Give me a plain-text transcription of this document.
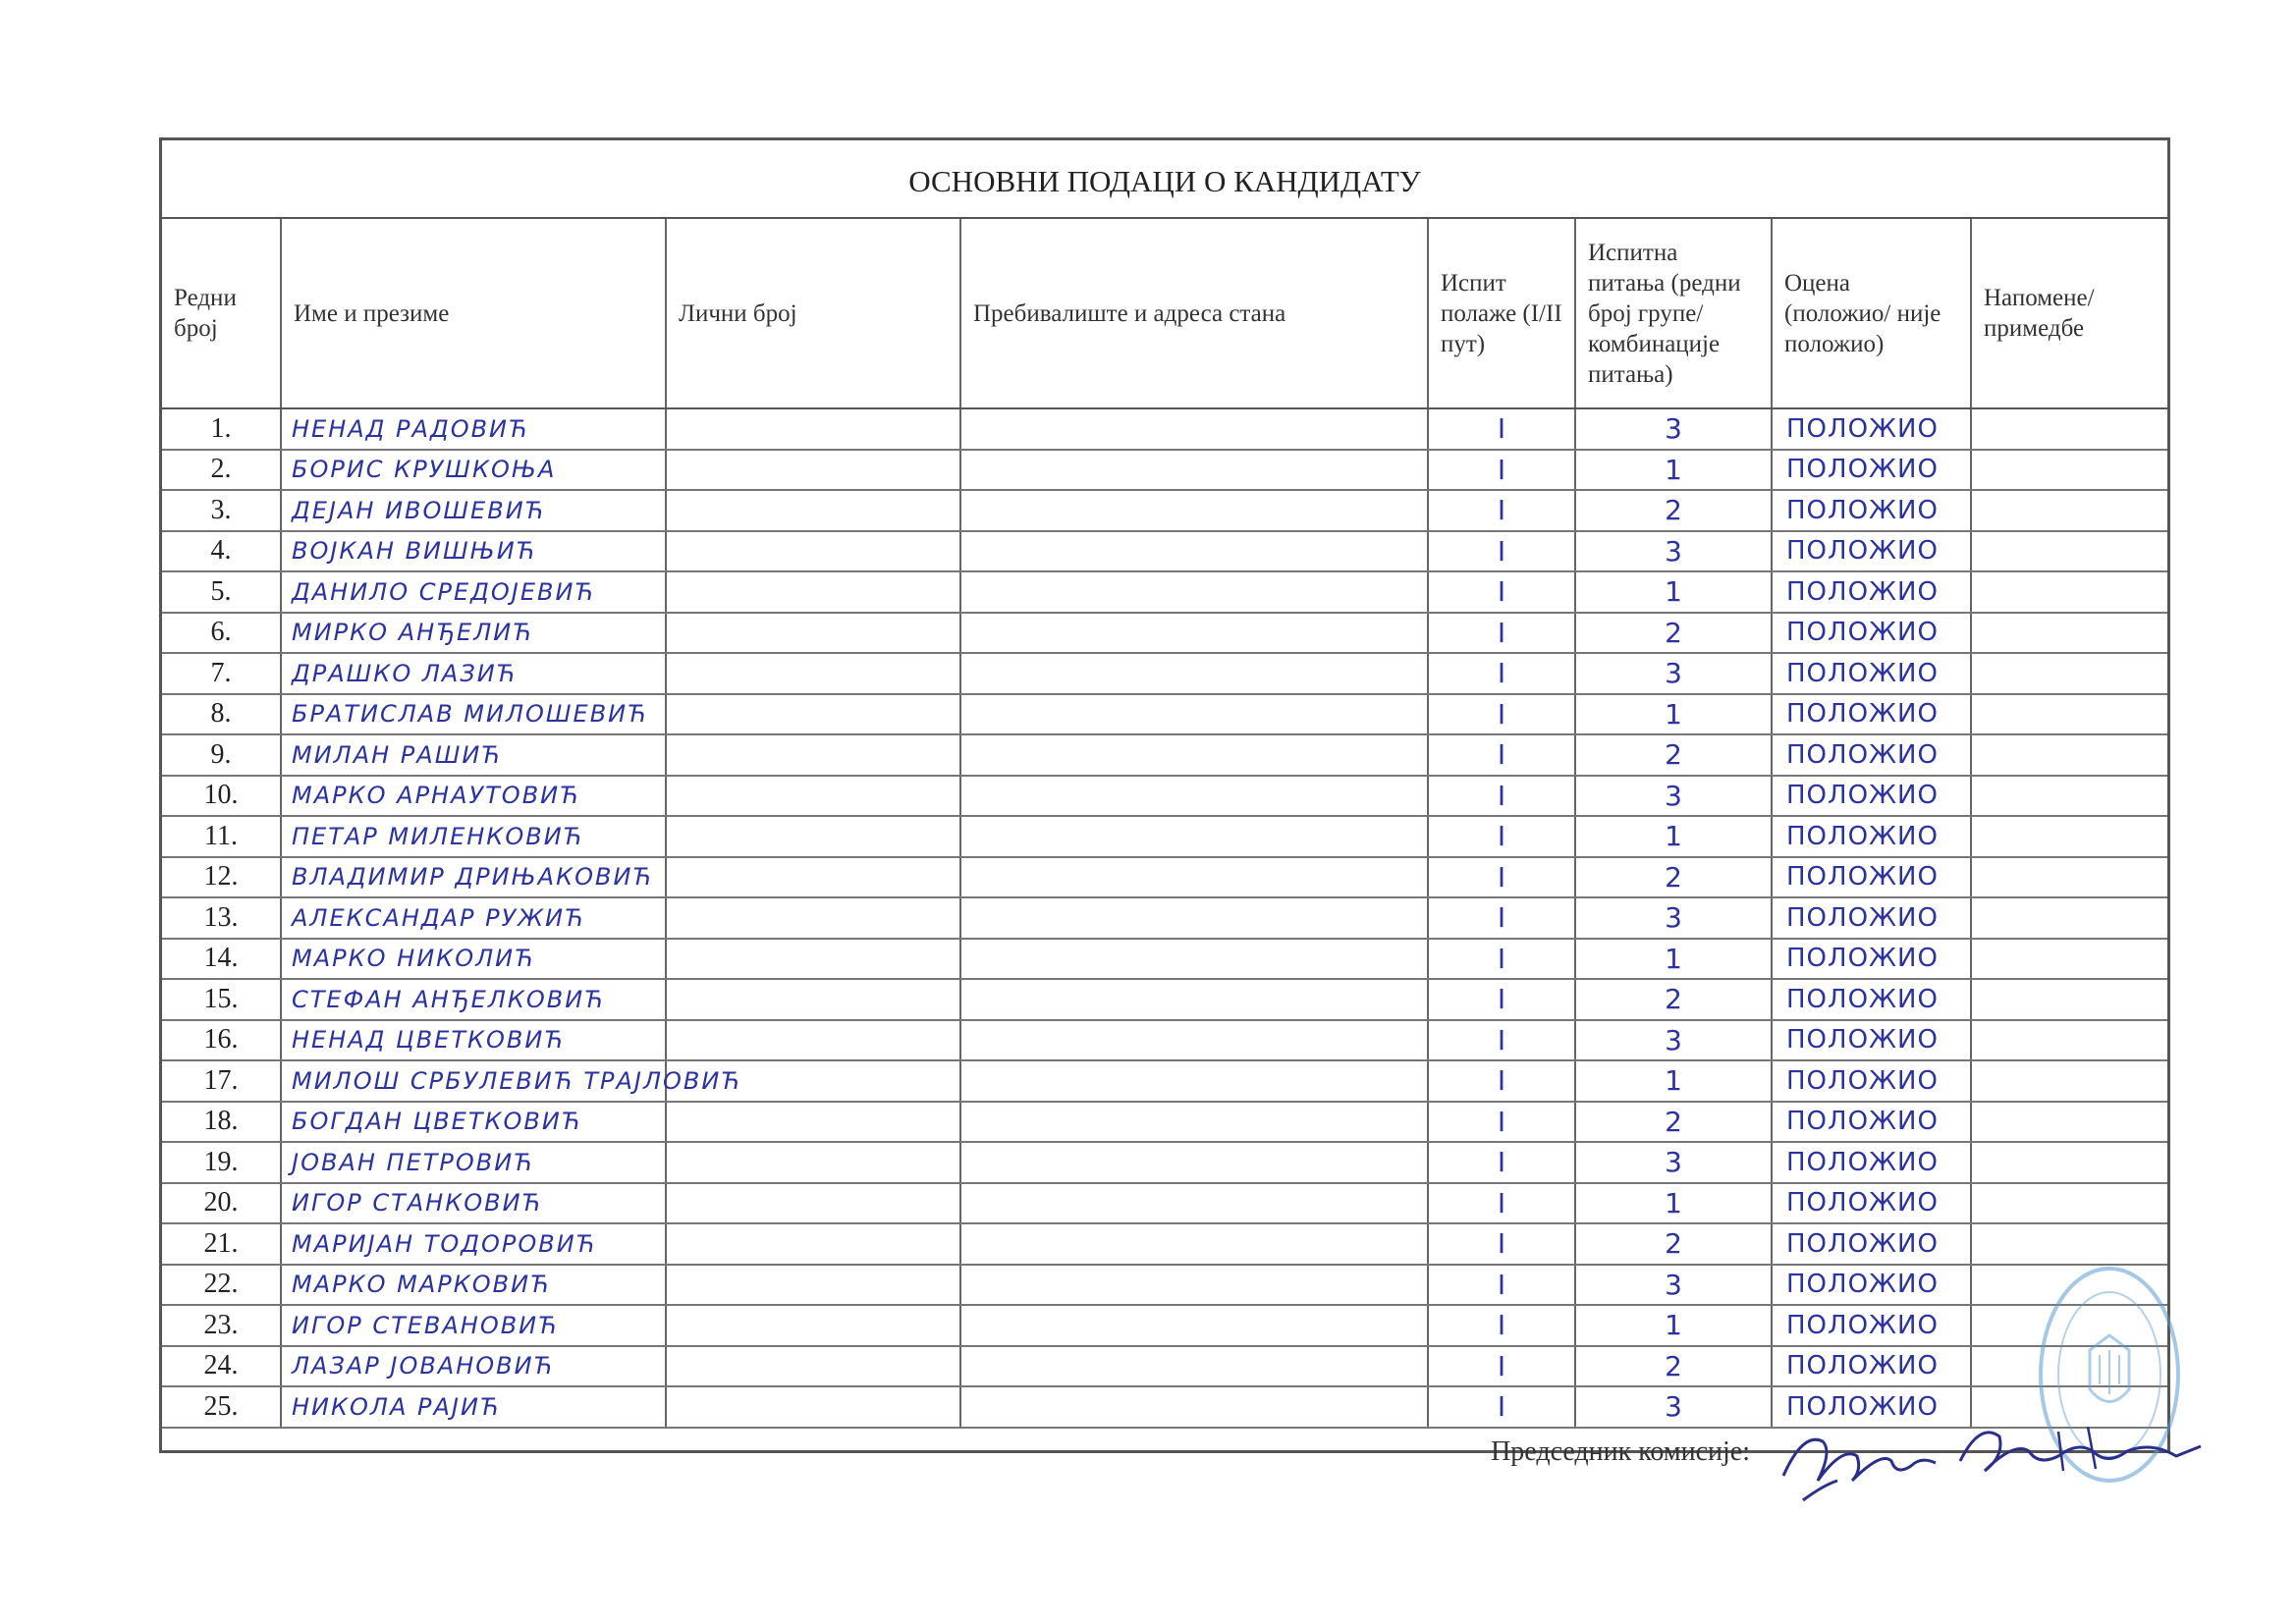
ОСНОВНИ ПОДАЦИ О КАНДИДАТУ
Редни број	Име и презиме	Лични број	Пребивалиште и адреса стана	Испит полаже (I/II пут)	Испитна питања (редни број групе/ комбинације питања)	Оцена (положио/ није положио)	Напомене/ примедбе
1.	НЕНАД РАДОВИЋ			I	3	ПОЛОЖИО	
2.	БОРИС КРУШКОЊА			I	1	ПОЛОЖИО	
3.	ДЕЈАН ИВОШЕВИЋ			I	2	ПОЛОЖИО	
4.	ВОЈКАН ВИШЊИЋ			I	3	ПОЛОЖИО	
5.	ДАНИЛО СРЕДОЈЕВИЋ			I	1	ПОЛОЖИО	
6.	МИРКО АНЂЕЛИЋ			I	2	ПОЛОЖИО	
7.	ДРАШКО ЛАЗИЋ			I	3	ПОЛОЖИО	
8.	БРАТИСЛАВ МИЛОШЕВИЋ			I	1	ПОЛОЖИО	
9.	МИЛАН РАШИЋ			I	2	ПОЛОЖИО	
10.	МАРКО АРНАУТОВИЋ			I	3	ПОЛОЖИО	
11.	ПЕТАР МИЛЕНКОВИЋ			I	1	ПОЛОЖИО	
12.	ВЛАДИМИР ДРИЊАКОВИЋ			I	2	ПОЛОЖИО	
13.	АЛЕКСАНДАР РУЖИЋ			I	3	ПОЛОЖИО	
14.	МАРКО НИКОЛИЋ			I	1	ПОЛОЖИО	
15.	СТЕФАН АНЂЕЛКОВИЋ			I	2	ПОЛОЖИО	
16.	НЕНАД ЦВЕТКОВИЋ			I	3	ПОЛОЖИО	
17.	МИЛОШ СРБУЛЕВИЋ ТРАЈЛОВИЋ			I	1	ПОЛОЖИО	
18.	БОГДАН ЦВЕТКОВИЋ			I	2	ПОЛОЖИО	
19.	ЈОВАН ПЕТРОВИЋ			I	3	ПОЛОЖИО	
20.	ИГОР СТАНКОВИЋ			I	1	ПОЛОЖИО	
21.	МАРИЈАН ТОДОРОВИЋ			I	2	ПОЛОЖИО	
22.	МАРКО МАРКОВИЋ			I	3	ПОЛОЖИО	
23.	ИГОР СТЕВАНОВИЋ			I	1	ПОЛОЖИО	
24.	ЛАЗАР ЈОВАНОВИЋ			I	2	ПОЛОЖИО	
25.	НИКОЛА РАЈИЋ			I	3	ПОЛОЖИО	
Председник комисије:
